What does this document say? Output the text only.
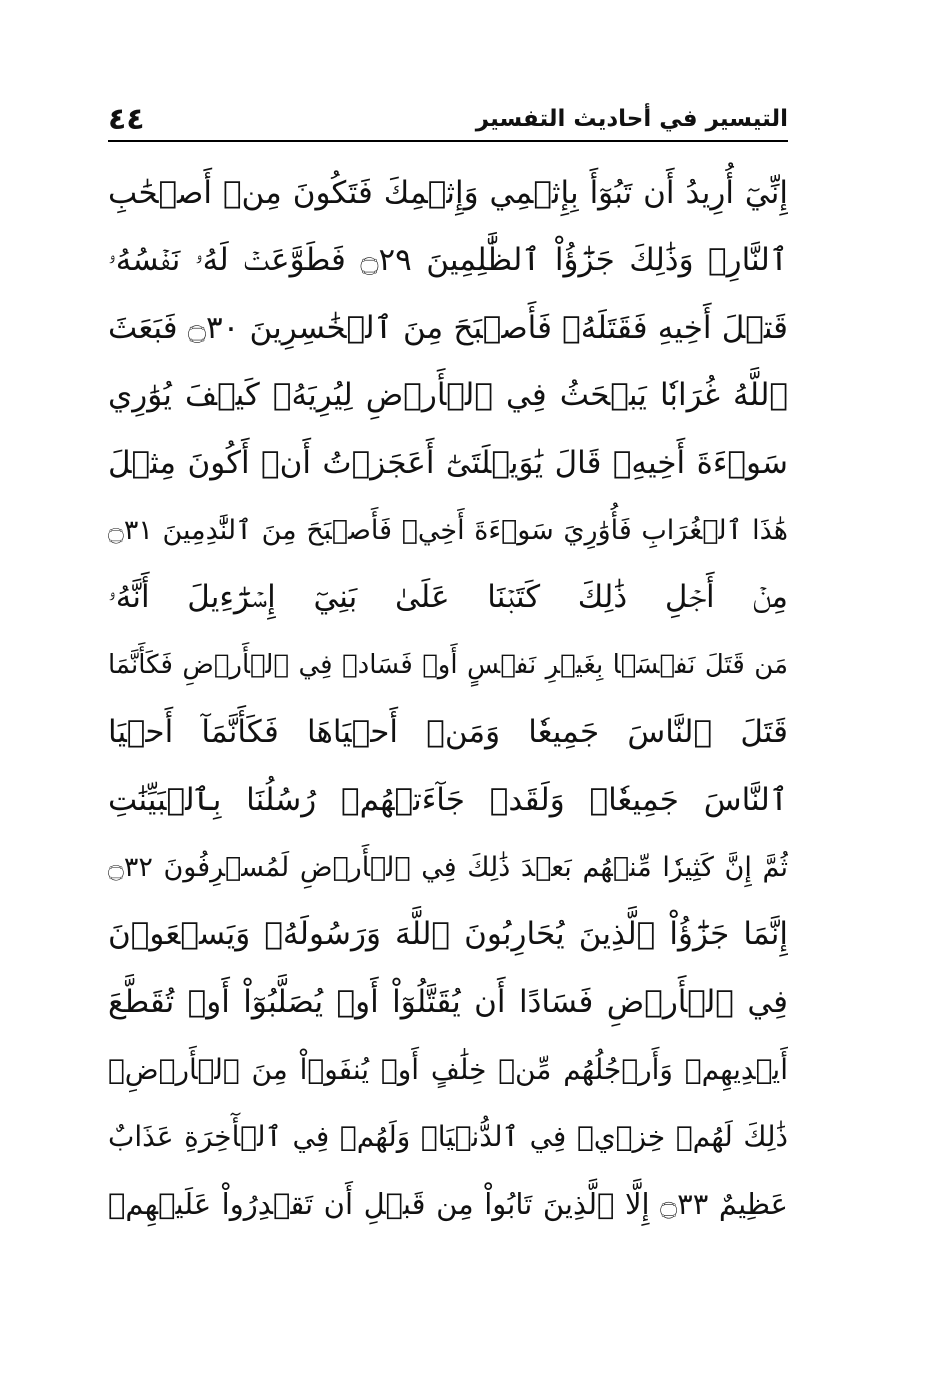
٤٤	التيسير في أحاديث التفسير
إِنِّيٓ أُرِيدُ أَن تَبُوٓأَ بِإِثۡمِي وَإِثۡمِكَ فَتَكُونَ مِنۡ أَصۡحَٰبِ
ٱلنَّارِۚ وَذَٰلِكَ جَزَٰٓؤُاْ ٱلظَّٰلِمِينَ ۝٢٩ فَطَوَّعَتۡ لَهُۥ نَفۡسُهُۥ
قَتۡلَ أَخِيهِ فَقَتَلَهُۥ فَأَصۡبَحَ مِنَ ٱلۡخَٰسِرِينَ ۝٣٠ فَبَعَثَ
ٱللَّهُ غُرَابٗا يَبۡحَثُ فِي ٱلۡأَرۡضِ لِيُرِيَهُۥ كَيۡفَ يُوَٰرِي
سَوۡءَةَ أَخِيهِۚ قَالَ يَٰوَيۡلَتَىٰٓ أَعَجَزۡتُ أَنۡ أَكُونَ مِثۡلَ
هَٰذَا ٱلۡغُرَابِ فَأُوَٰرِيَ سَوۡءَةَ أَخِيۖ فَأَصۡبَحَ مِنَ ٱلنَّٰدِمِينَ ۝٣١
مِنۡ أَجۡلِ ذَٰلِكَ كَتَبۡنَا عَلَىٰ بَنِيٓ إِسۡرَٰٓءِيلَ أَنَّهُۥ
مَن قَتَلَ نَفۡسَۢا بِغَيۡرِ نَفۡسٍ أَوۡ فَسَادٖ فِي ٱلۡأَرۡضِ فَكَأَنَّمَا
قَتَلَ ٱلنَّاسَ جَمِيعٗا وَمَنۡ أَحۡيَاهَا فَكَأَنَّمَآ أَحۡيَا
ٱلنَّاسَ جَمِيعٗاۚ وَلَقَدۡ جَآءَتۡهُمۡ رُسُلُنَا بِٱلۡبَيِّنَٰتِ
ثُمَّ إِنَّ كَثِيرٗا مِّنۡهُم بَعۡدَ ذَٰلِكَ فِي ٱلۡأَرۡضِ لَمُسۡرِفُونَ ۝٣٢
إِنَّمَا جَزَٰٓؤُاْ ٱلَّذِينَ يُحَارِبُونَ ٱللَّهَ وَرَسُولَهُۥ وَيَسۡعَوۡنَ
فِي ٱلۡأَرۡضِ فَسَادًا أَن يُقَتَّلُوٓاْ أَوۡ يُصَلَّبُوٓاْ أَوۡ تُقَطَّعَ
أَيۡدِيهِمۡ وَأَرۡجُلُهُم مِّنۡ خِلَٰفٍ أَوۡ يُنفَوۡاْ مِنَ ٱلۡأَرۡضِۚ
ذَٰلِكَ لَهُمۡ خِزۡيٞ فِي ٱلدُّنۡيَاۖ وَلَهُمۡ فِي ٱلۡأٓخِرَةِ عَذَابٌ
عَظِيمٌ ۝٣٣ إِلَّا ٱلَّذِينَ تَابُواْ مِن قَبۡلِ أَن تَقۡدِرُواْ عَلَيۡهِمۡ
